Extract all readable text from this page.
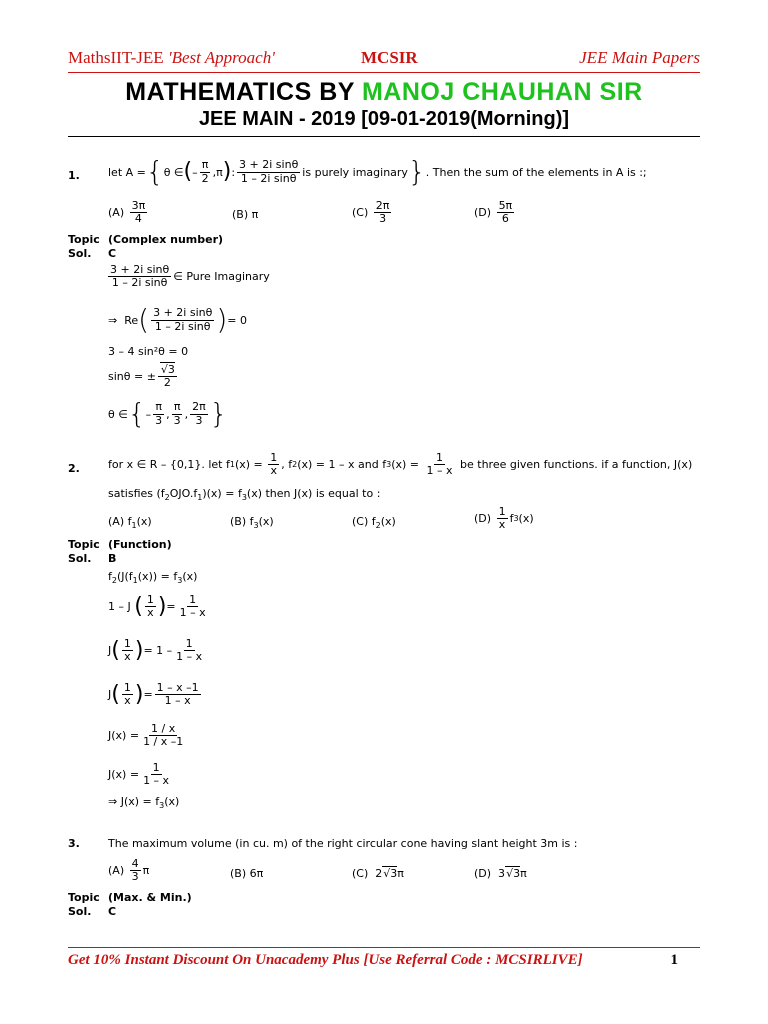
MathsIIT-JEE 'Best Approach'	MCSIR	JEE Main Papers
MATHEMATICS BY MANOJ CHAUHAN SIR
JEE MAIN - 2019 [09-01-2019(Morning)]
1.	let A = { θ ∈ ( – $\frac{\pi}{2} ,\pi$ ) : $\frac{\text{3 + 2i sinθ}}{\text{1 – 2i sinθ}}$ is purely imaginary } . Then the sum of the elements in A is :;
(A)
$\frac{3\pi}{4}$	(B) π	(C)
$\frac{2\pi}{3}$	(D)
$\frac{5\pi}{6}$
Topic (Complex number)
Sol. C
$\frac{\text{3 + 2i sinθ}}{\text{1 – 2i sinθ}}$ ∈ Pure Imaginary
⇒  Re ( $\frac{\text{3 + 2i sinθ}}{\text{1 – 2i sinθ}}$ ) = 0
3 – 4 sin²θ = 0
sinθ = ± $\frac{√3}{2}$
θ ∈ { – $\frac{\pi}{3}$ , $\frac{\pi}{3}$ , $\frac{2\pi}{3}$ }
2.	for x ∈ R – {0,1}. let f 1 $(x) = \frac{1}{x}$ , f 2 (x) = 1 – x and f 3 $(x) = \frac{1}{1 - x}$
be three given functions. if a function, J(x)
satisfies $(f_2OJO.f_1)(x) = f_3(x)$ then J(x) is equal to :
(A) $f_1(x)$	(B) $f_3(x)$	(C) $f_2(x)$	(D)
$\frac{1}{x}$ f 3 (x)
Topic (Function)
Sol. B
$f_2(J(f_1(x)) = f_3(x)$
1 – J ( $\frac{1}{x}$ ) = $\frac{1}{1 - x}$
J ( $\frac{1}{x}$ ) = $1 - \frac{1}{1 - x}$
J ( $\frac{1}{x}$ ) = $\frac{1 - x -1}{1 - x}$
$J(x) = \frac{1 / x}{1 / x -1}$
$J(x) = \frac{1}{1 - x}$
⇒ $J(x) = f_3(x)$
3.	The maximum volume (in cu. m) of the right circular cone having slant height 3m is :
(A)
$\frac{4}{3}$ π	(B) 6π	(C)  2√3π	(D)  3√3π
Topic (Max. & Min.)
Sol. C
Get 10% Instant Discount On Unacademy Plus [Use Referral Code : MCSIRLIVE]	1
